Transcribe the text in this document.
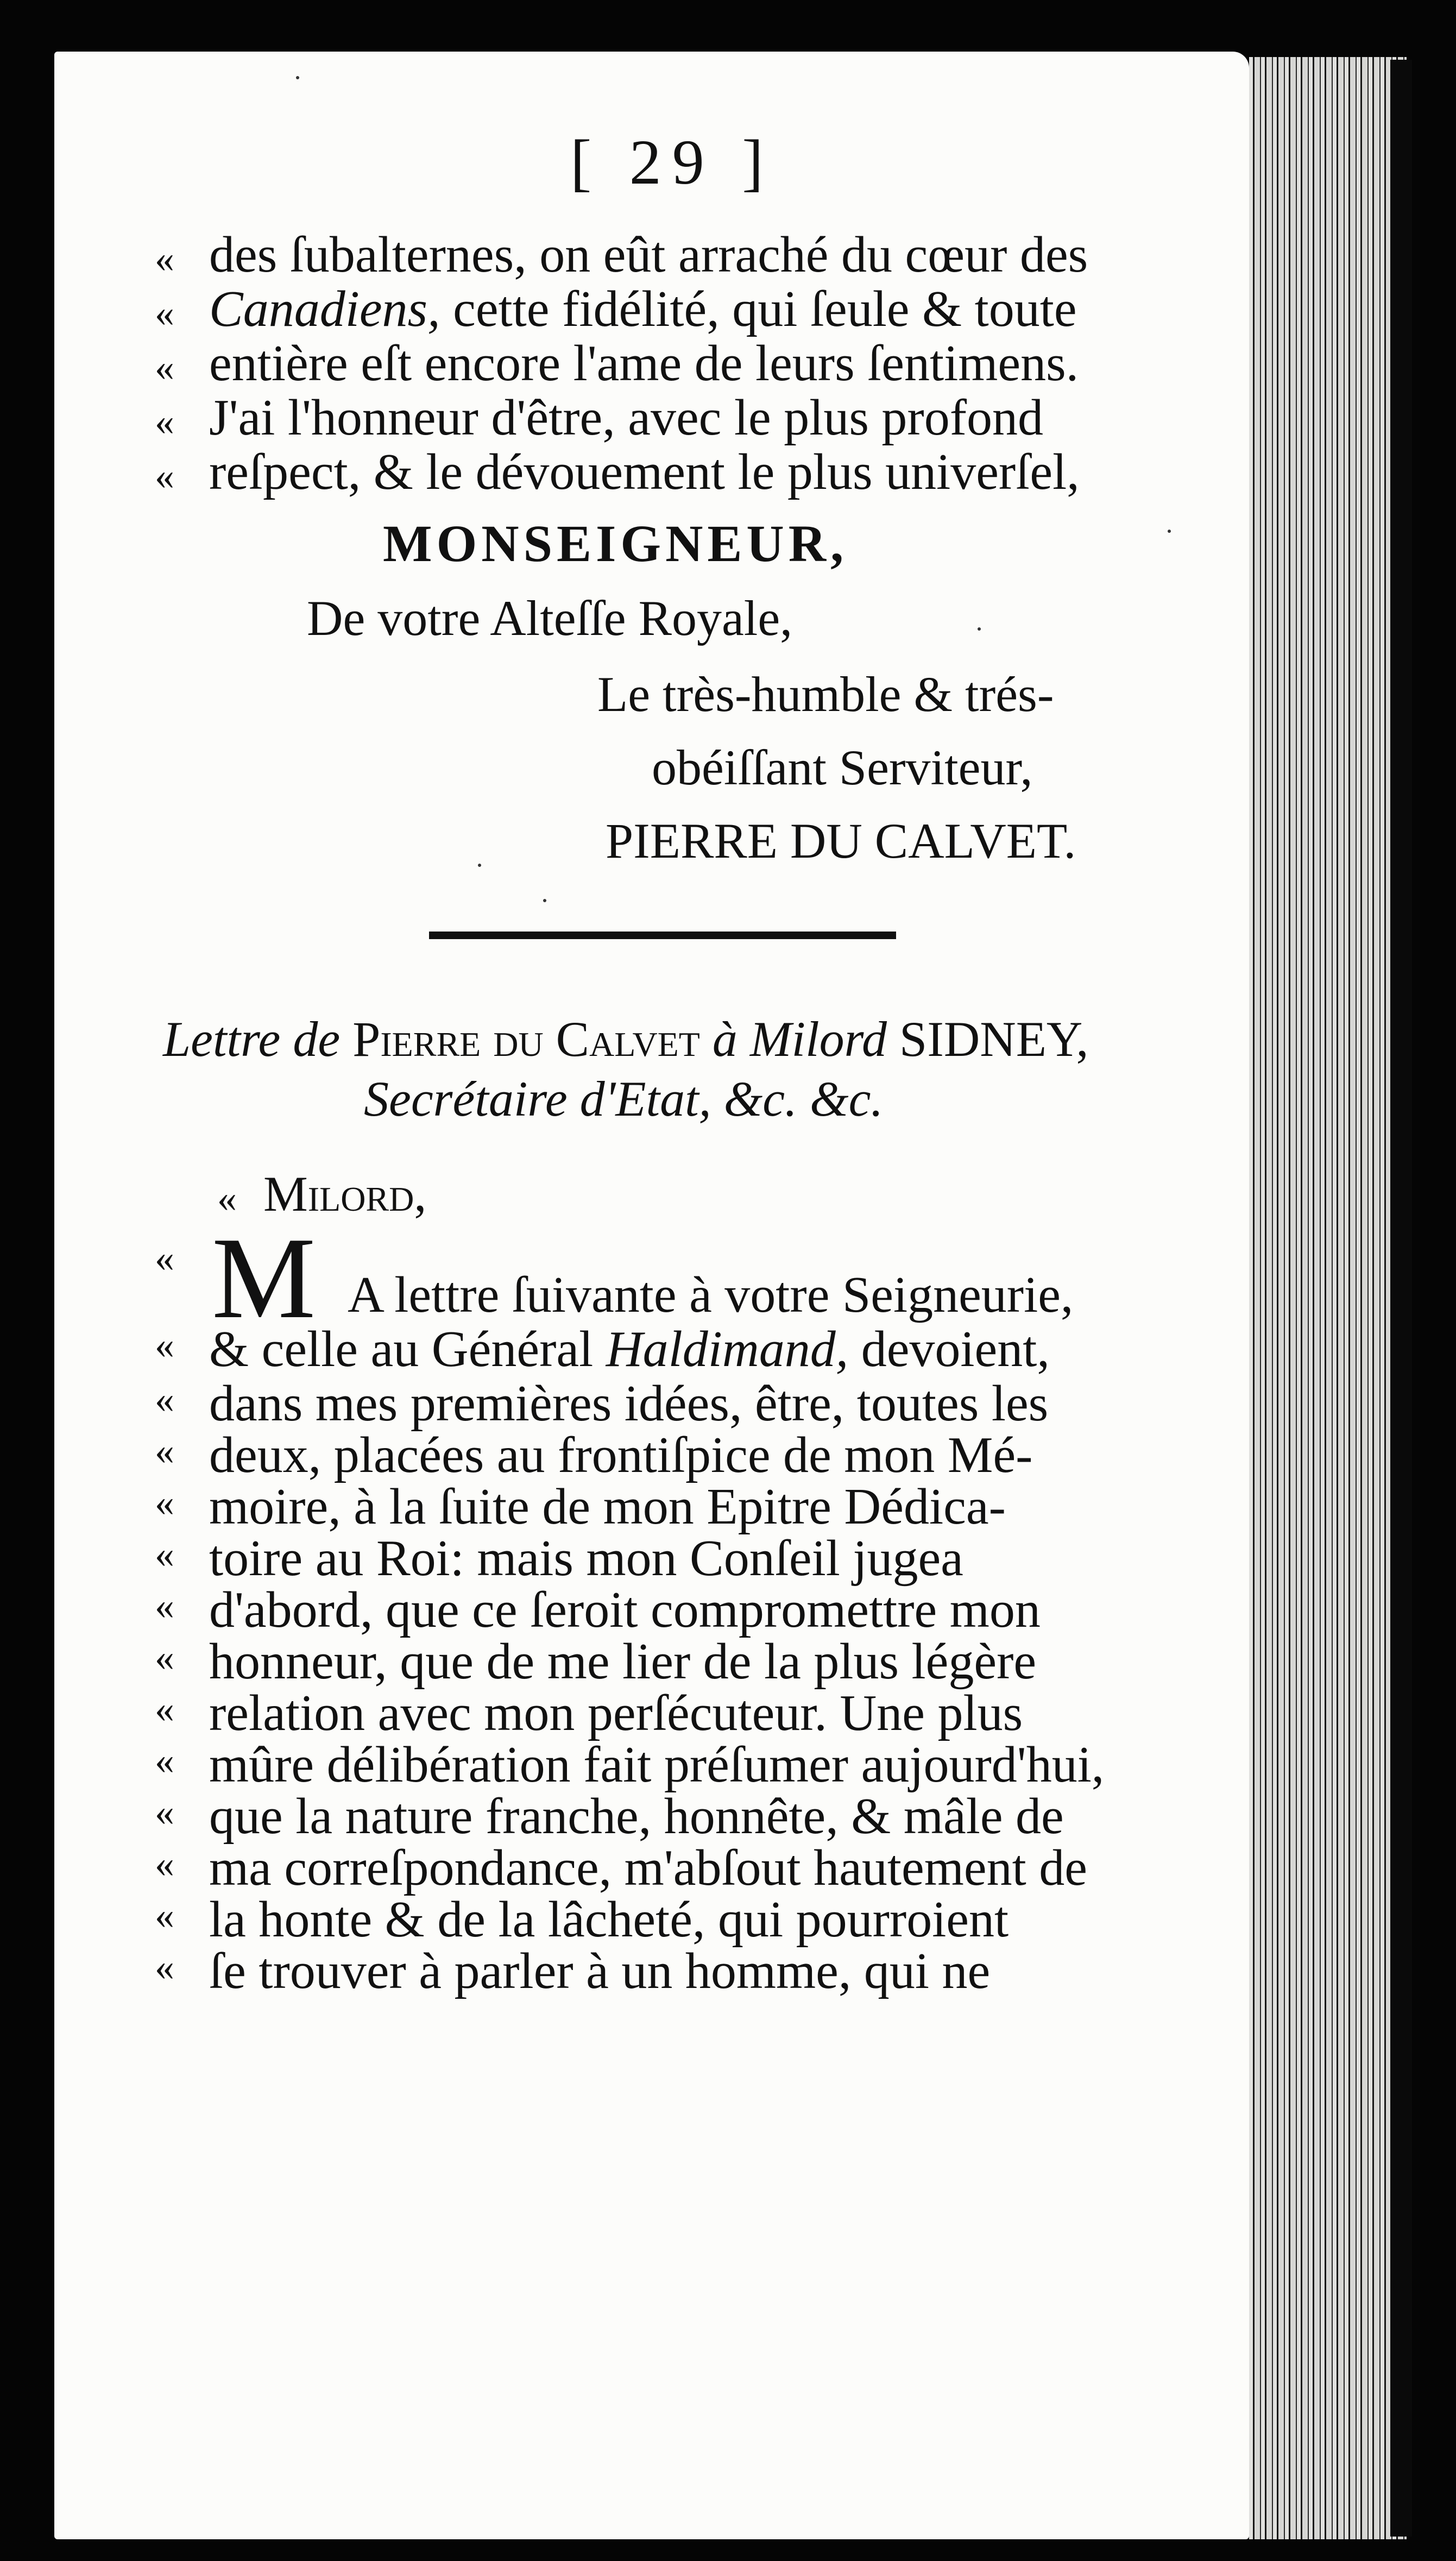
[ 29 ]
« des ſubalternes, on eût arraché du cœur des
« Canadiens, cette fidélité, qui ſeule & toute
« entière eſt encore l'ame de leurs ſentimens.
« J'ai l'honneur d'être, avec le plus profond
« reſpect, & le dévouement le plus univerſel,
MONSEIGNEUR,
De votre Alteſſe Royale,
Le très-humble & trés-
obéiſſant Serviteur,
PIERRE DU CALVET.
Lettre de Pierre du Calvet à Milord SIDNEY,
Secrétaire d'Etat, &c. &c.
« Milord,
M
«
A lettre ſuivante à votre Seigneurie,
« & celle au Général Haldimand, devoient,
« dans mes premières idées, être, toutes les
« deux, placées au frontiſpice de mon Mé-
« moire, à la ſuite de mon Epitre Dédica-
« toire au Roi: mais mon Conſeil jugea
« d'abord, que ce ſeroit compromettre mon
« honneur, que de me lier de la plus légère
« relation avec mon perſécuteur. Une plus
« mûre délibération fait préſumer aujourd'hui,
« que la nature franche, honnête, & mâle de
« ma correſpondance, m'abſout hautement de
« la honte & de la lâcheté, qui pourroient
« ſe trouver à parler à un homme, qui ne
